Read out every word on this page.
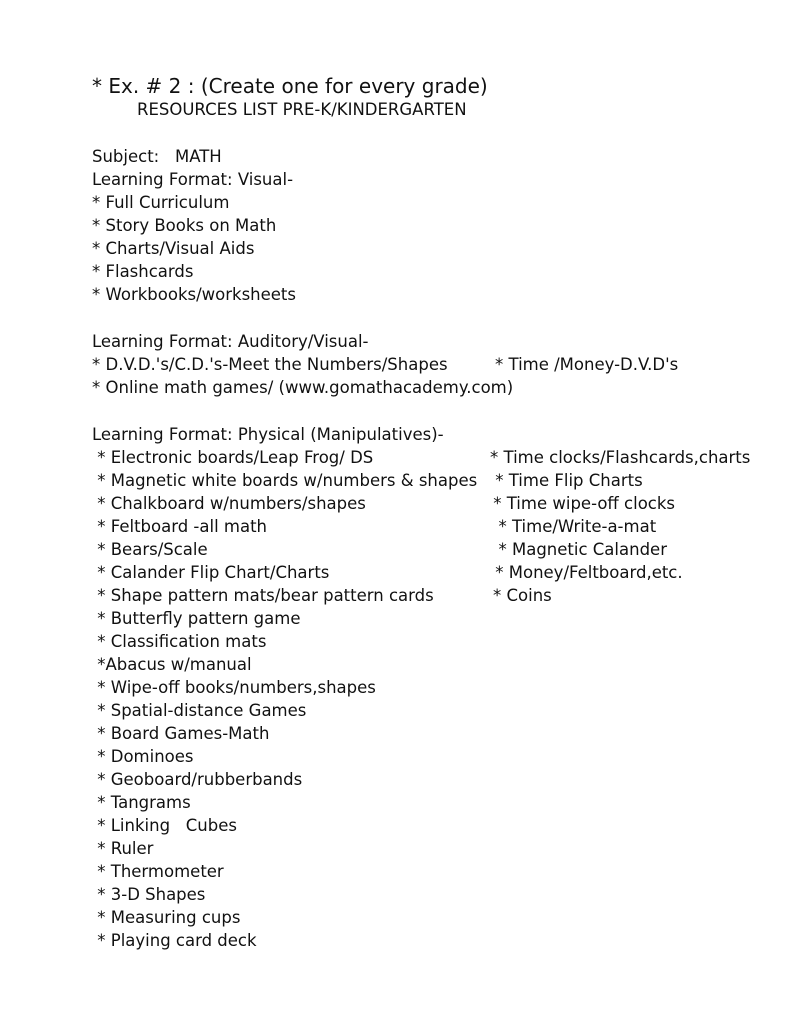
* Ex. # 2 : (Create one for every grade)
RESOURCES LIST PRE-K/KINDERGARTEN
Subject:   MATH
Learning Format: Visual-
* Full Curriculum
* Story Books on Math
* Charts/Visual Aids
* Flashcards
* Workbooks/worksheets
Learning Format: Auditory/Visual-
* D.V.D.'s/C.D.'s-Meet the Numbers/Shapes
* Online math games/ (www.gomathacademy.com)
* Time /Money-D.V.D's
Learning Format: Physical (Manipulatives)-
* Electronic boards/Leap Frog/ DS
* Magnetic white boards w/numbers & shapes
* Chalkboard w/numbers/shapes
* Feltboard -all math
* Bears/Scale
* Calander Flip Chart/Charts
* Shape pattern mats/bear pattern cards
* Butterfly pattern game
* Classification mats
*Abacus w/manual
* Wipe-off books/numbers,shapes
* Spatial-distance Games
* Board Games-Math
* Dominoes
* Geoboard/rubberbands
* Tangrams
* Linking   Cubes
* Ruler
* Thermometer
* 3-D Shapes
* Measuring cups
* Playing card deck
* Time clocks/Flashcards,charts
* Time Flip Charts
* Time wipe-off clocks
* Time/Write-a-mat
* Magnetic Calander
* Money/Feltboard,etc.
* Coins
